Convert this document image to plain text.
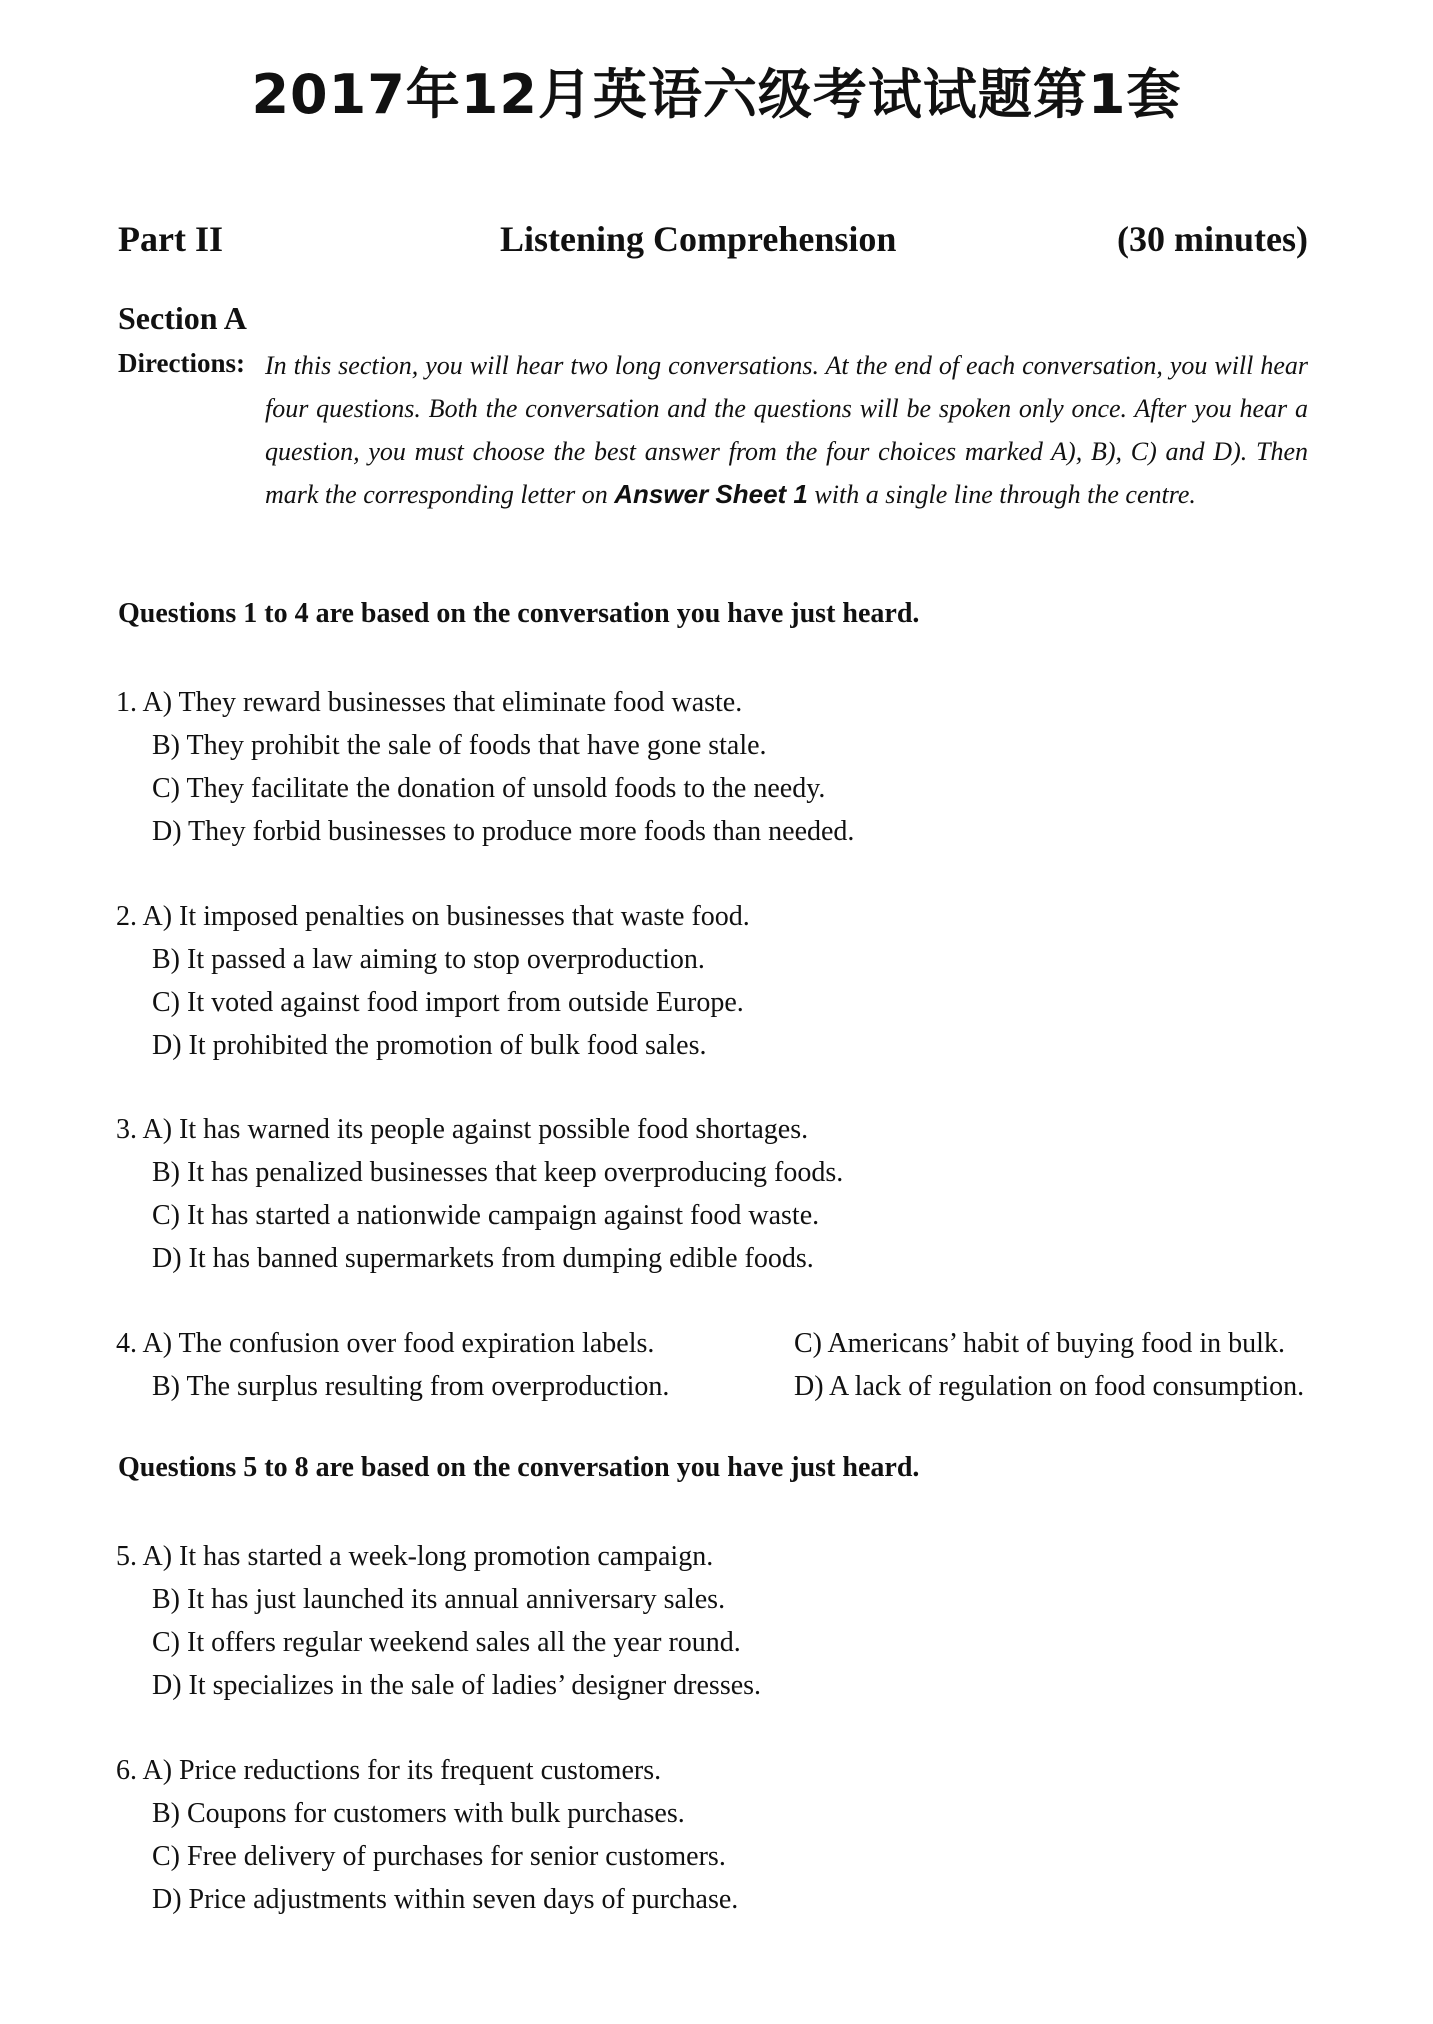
2017年12月英语六级考试试题第1套
Part II	Listening Comprehension	(30 minutes)
Section A
Directions: In this section, you will hear two long conversations. At the end of each conversation, you will hear four questions. Both the conversation and the questions will be spoken only once. After you hear a question, you must choose the best answer from the four choices marked A), B), C) and D). Then mark the corresponding letter on Answer Sheet 1 with a single line through the centre.
Questions 1 to 4 are based on the conversation you have just heard.
1. A) They reward businesses that eliminate food waste.
B) They prohibit the sale of foods that have gone stale.
C) They facilitate the donation of unsold foods to the needy.
D) They forbid businesses to produce more foods than needed.
2. A) It imposed penalties on businesses that waste food.
B) It passed a law aiming to stop overproduction.
C) It voted against food import from outside Europe.
D) It prohibited the promotion of bulk food sales.
3. A) It has warned its people against possible food shortages.
B) It has penalized businesses that keep overproducing foods.
C) It has started a nationwide campaign against food waste.
D) It has banned supermarkets from dumping edible foods.
4. A) The confusion over food expiration labels.	C) Americans’ habit of buying food in bulk.
B) The surplus resulting from overproduction.	D) A lack of regulation on food consumption.
Questions 5 to 8 are based on the conversation you have just heard.
5. A) It has started a week-long promotion campaign.
B) It has just launched its annual anniversary sales.
C) It offers regular weekend sales all the year round.
D) It specializes in the sale of ladies’ designer dresses.
6. A) Price reductions for its frequent customers.
B) Coupons for customers with bulk purchases.
C) Free delivery of purchases for senior customers.
D) Price adjustments within seven days of purchase.
